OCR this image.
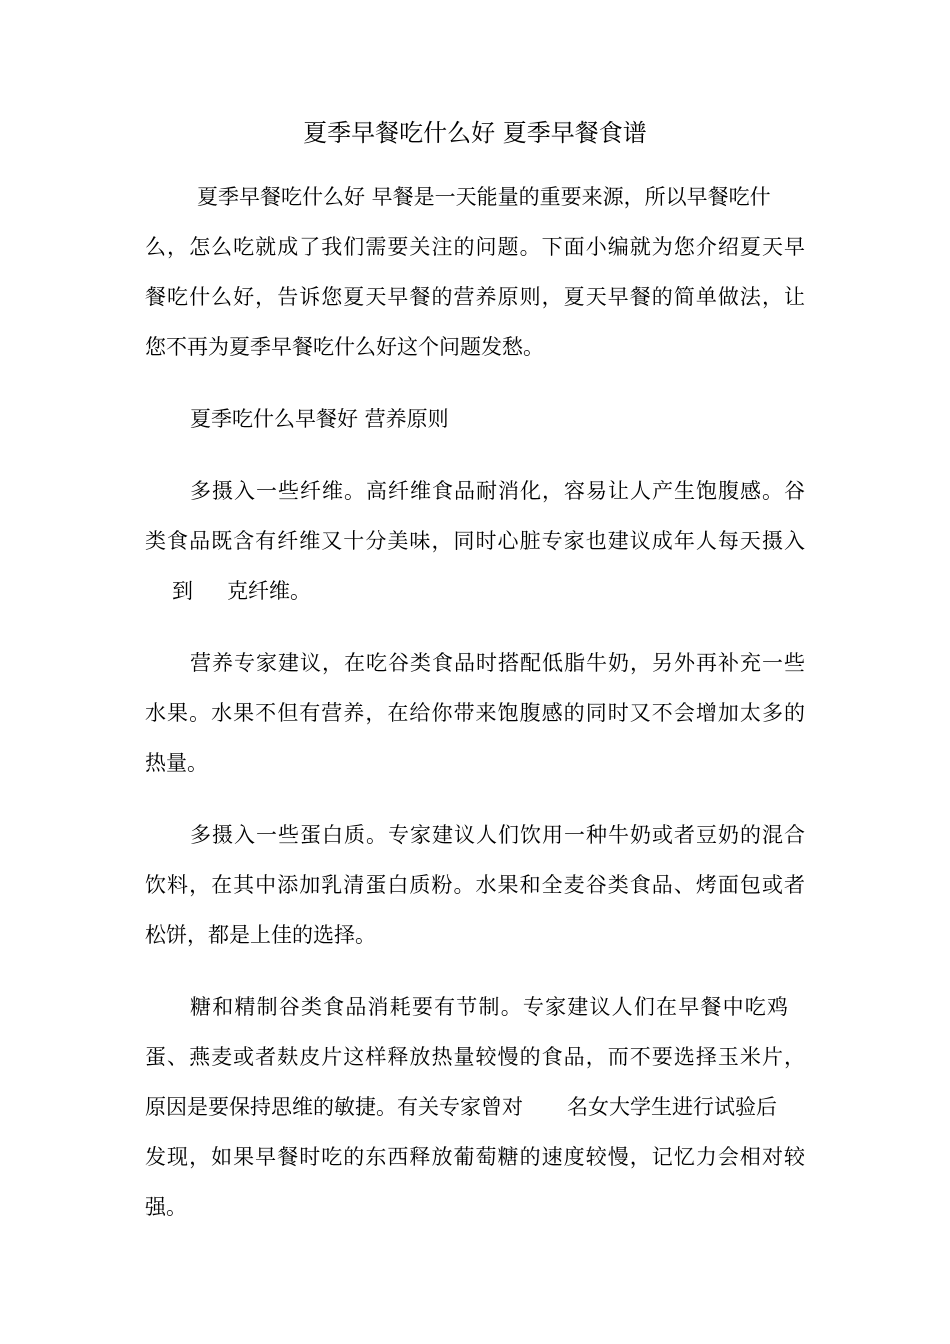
夏季早餐吃什么好 夏季早餐食谱
夏季早餐吃什么好 早餐是一天能量的重要来源，所以早餐吃什
么，怎么吃就成了我们需要关注的问题。下面小编就为您介绍夏天早
餐吃什么好，告诉您夏天早餐的营养原则，夏天早餐的简单做法，让
您不再为夏季早餐吃什么好这个问题发愁。
夏季吃什么早餐好 营养原则
多摄入一些纤维。高纤维食品耐消化，容易让人产生饱腹感。谷
类食品既含有纤维又十分美味，同时心脏专家也建议成年人每天摄入
到 克纤维。
营养专家建议，在吃谷类食品时搭配低脂牛奶，另外再补充一些
水果。水果不但有营养，在给你带来饱腹感的同时又不会增加太多的
热量。
多摄入一些蛋白质。专家建议人们饮用一种牛奶或者豆奶的混合
饮料，在其中添加乳清蛋白质粉。水果和全麦谷类食品、烤面包或者
松饼，都是上佳的选择。
糖和精制谷类食品消耗要有节制。专家建议人们在早餐中吃鸡
蛋、燕麦或者麸皮片这样释放热量较慢的食品，而不要选择玉米片，
原因是要保持思维的敏捷。有关专家曾对 名女大学生进行试验后
发现，如果早餐时吃的东西释放葡萄糖的速度较慢，记忆力会相对较
强。
